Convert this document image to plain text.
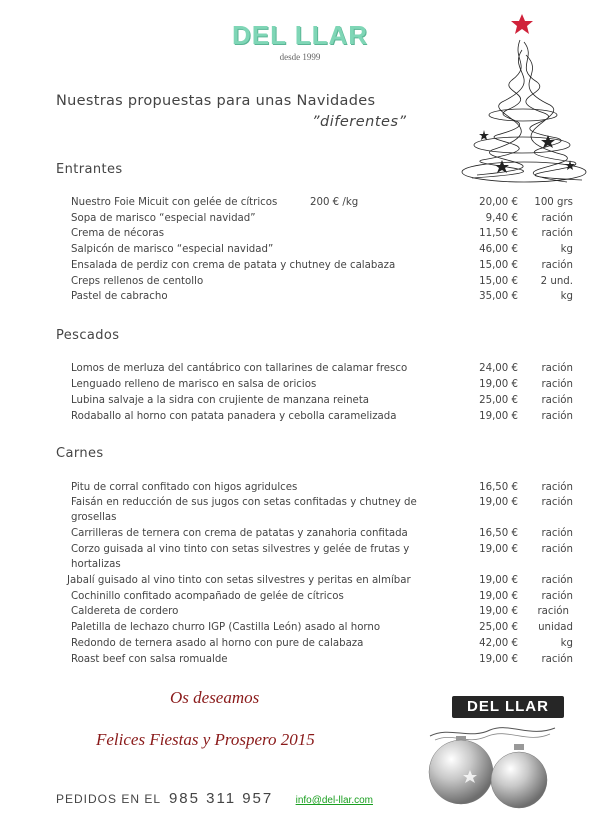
DEL LLAR
desde 1999
Nuestras propuestas para unas Navidades
”diferentes”
Entrantes
Nuestro Foie Micuit con gelée de cítricos	200 € /kg	20,00 €	100 grs
Sopa de marisco “especial navidad”	9,40 €	ración
Crema de nécoras	11,50 €	ración
Salpicón de marisco “especial navidad”	46,00 €	kg
Ensalada de perdiz con crema de patata y chutney de calabaza	15,00 €	ración
Creps rellenos de centollo	15,00 €	2 und.
Pastel de cabracho	35,00 €	kg
Pescados
Lomos de merluza del cantábrico con tallarines de calamar fresco	24,00 €	ración
Lenguado relleno de marisco en salsa de oricios	19,00 €	ración
Lubina salvaje a la sidra con crujiente de manzana reineta	25,00 €	ración
Rodaballo al horno con patata panadera y cebolla caramelizada	19,00 €	ración
Carnes
Pitu de corral confitado con higos agridulces	16,50 €	ración
Faisán en reducción de sus jugos con setas confitadas y chutney de	19,00 €	ración
grosellas
Carrilleras de ternera con crema de patatas y zanahoria confitada	16,50 €	ración
Corzo guisada al vino tinto con setas silvestres y gelée de frutas y	19,00 €	ración
hortalizas
Jabalí guisado al vino tinto con setas silvestres y peritas en almíbar	19,00 €	ración
Cochinillo confitado acompañado de gelée de cítricos	19,00 €	ración
Caldereta de cordero	19,00 €	ración
Paletilla de lechazo churro IGP (Castilla León) asado al horno	25,00 €	unidad
Redondo de ternera asado al horno con pure de calabaza	42,00 €	kg
Roast beef con salsa romualde	19,00 €	ración
Os deseamos
Felices Fiestas y Prospero 2015
DEL LLAR
PEDIDOS EN EL 985 311 957 info@del-llar.com
